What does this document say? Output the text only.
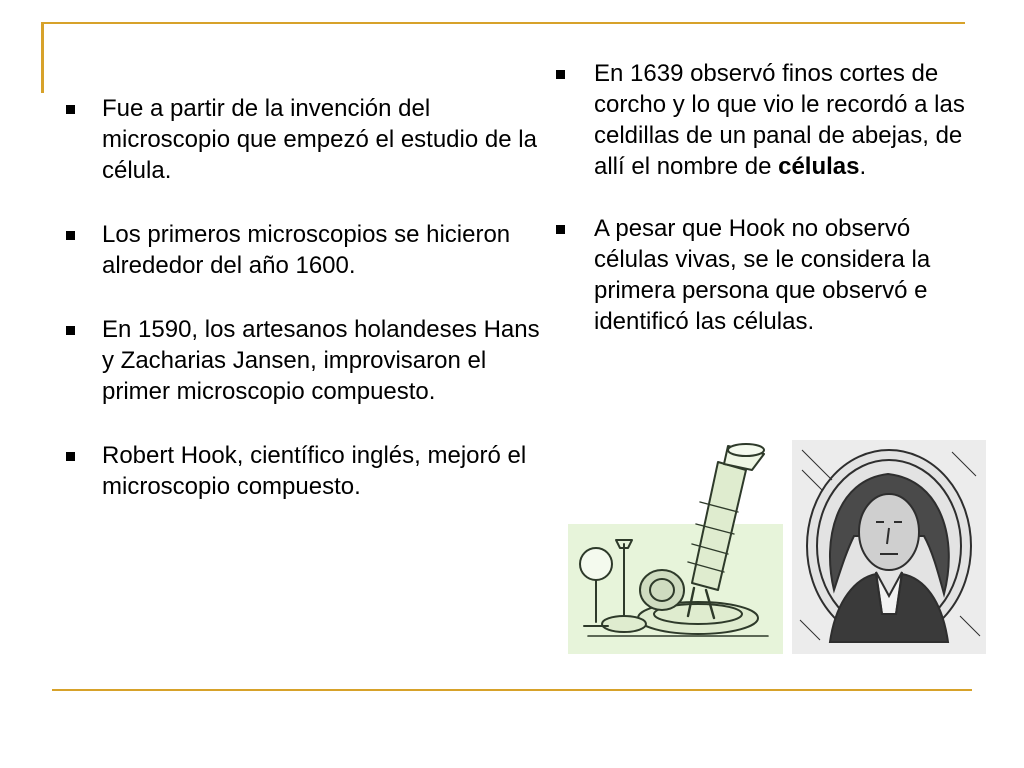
Fue a partir de la invención del microscopio que empezó el estudio de la célula.
Los primeros microscopios se hicieron alrededor del año 1600.
En 1590, los artesanos holandeses Hans y Zacharias Jansen, improvisaron el primer microscopio compuesto.
Robert Hook, científico inglés, mejoró el microscopio compuesto.
En 1639 observó finos cortes de corcho y lo que vio le recordó a las celdillas de un panal de abejas, de allí el nombre de células.
A pesar que Hook no observó células vivas, se le considera la primera persona que observó e identificó las células.
